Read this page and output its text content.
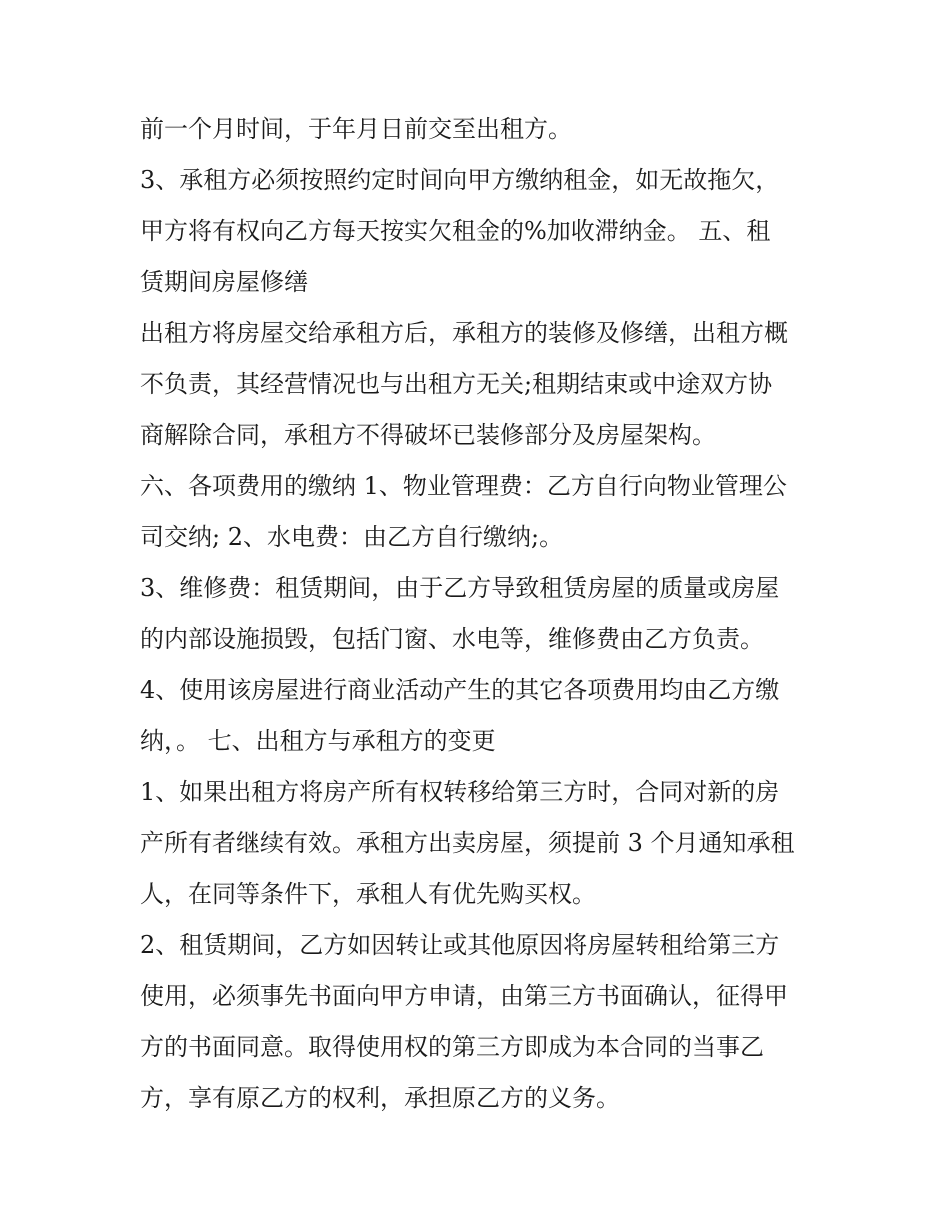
前一个月时间，于年月日前交至出租方。
3、承租方必须按照约定时间向甲方缴纳租金，如无故拖欠，
甲方将有权向乙方每天按实欠租金的%加收滞纳金。 五、租
赁期间房屋修缮
出租方将房屋交给承租方后，承租方的装修及修缮，出租方概
不负责，其经营情况也与出租方无关;租期结束或中途双方协
商解除合同，承租方不得破坏已装修部分及房屋架构。
六、各项费用的缴纳 1、物业管理费：乙方自行向物业管理公
司交纳; 2、水电费：由乙方自行缴纳;。
3、维修费：租赁期间，由于乙方导致租赁房屋的质量或房屋
的内部设施损毁，包括门窗、水电等，维修费由乙方负责。
4、使用该房屋进行商业活动产生的其它各项费用均由乙方缴
纳，。 七、出租方与承租方的变更
1、如果出租方将房产所有权转移给第三方时，合同对新的房
产所有者继续有效。承租方出卖房屋，须提前 3 个月通知承租
人，在同等条件下，承租人有优先购买权。
2、租赁期间，乙方如因转让或其他原因将房屋转租给第三方
使用，必须事先书面向甲方申请，由第三方书面确认，征得甲
方的书面同意。取得使用权的第三方即成为本合同的当事乙
方，享有原乙方的权利，承担原乙方的义务。
